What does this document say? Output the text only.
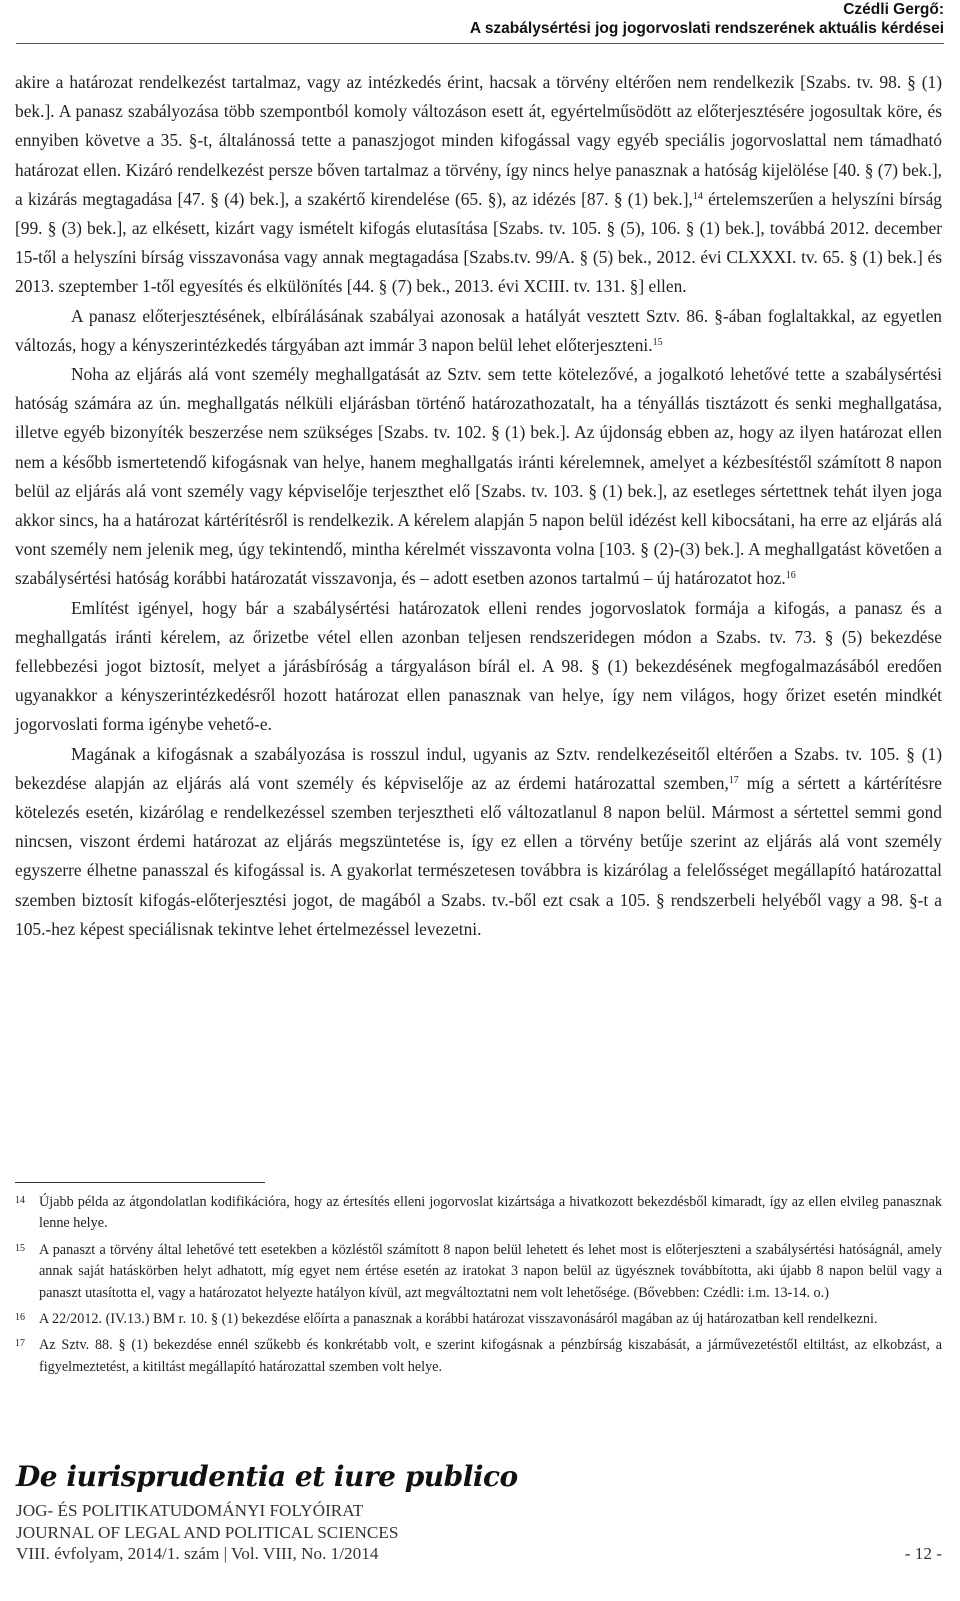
Czédli Gergő:
A szabálysértési jog jogorvoslati rendszerének aktuális kérdései

akire a határozat rendelkezést tartalmaz, vagy az intézkedés érint, hacsak a törvény eltérően nem rendelkezik [Szabs. tv. 98. § (1) bek.]. A panasz szabályozása több szempontból komoly változáson esett át, egyértelműsödött az előterjesztésére jogosultak köre, és ennyiben követve a 35. §-t, általánossá tette a panaszjogot minden kifogással vagy egyéb speciális jogorvoslattal nem támadható határozat ellen. Kizáró rendelkezést persze bőven tartalmaz a törvény, így nincs helye panasznak a hatóság kijelölése [40. § (7) bek.], a kizárás megtagadása [47. § (4) bek.], a szakértő kirendelése (65. §), az idézés [87. § (1) bek.],$^{14}$ értelemszerűen a helyszíni bírság [99. § (3) bek.], az elkésett, kizárt vagy ismételt kifogás elutasítása [Szabs. tv. 105. § (5), 106. § (1) bek.], továbbá 2012. december 15-től a helyszíni bírság visszavonása vagy annak megtagadása [Szabs.tv. 99/A. § (5) bek., 2012. évi CLXXXI. tv. 65. § (1) bek.] és 2013. szeptember 1-től egyesítés és elkülönítés [44. § (7) bek., 2013. évi XCIII. tv. 131. §] ellen.

A panasz előterjesztésének, elbírálásának szabályai azonosak a hatályát vesztett Sztv. 86. §-ában foglaltakkal, az egyetlen változás, hogy a kényszerintézkedés tárgyában azt immár 3 napon belül lehet előterjeszteni.$^{15}$

Noha az eljárás alá vont személy meghallgatását az Sztv. sem tette kötelezővé, a jogalkotó lehetővé tette a szabálysértési hatóság számára az ún. meghallgatás nélküli eljárásban történő határozathozatalt, ha a tényállás tisztázott és senki meghallgatása, illetve egyéb bizonyíték beszerzése nem szükséges [Szabs. tv. 102. § (1) bek.]. Az újdonság ebben az, hogy az ilyen határozat ellen nem a később ismertetendő kifogásnak van helye, hanem meghallgatás iránti kérelemnek, amelyet a kézbesítéstől számított 8 napon belül az eljárás alá vont személy vagy képviselője terjeszthet elő [Szabs. tv. 103. § (1) bek.], az esetleges sértettnek tehát ilyen joga akkor sincs, ha a határozat kártérítésről is rendelkezik. A kérelem alapján 5 napon belül idézést kell kibocsátani, ha erre az eljárás alá vont személy nem jelenik meg, úgy tekintendő, mintha kérelmét visszavonta volna [103. § (2)-(3) bek.]. A meghallgatást követően a szabálysértési hatóság korábbi határozatát visszavonja, és – adott esetben azonos tartalmú – új határozatot hoz.$^{16}$

Említést igényel, hogy bár a szabálysértési határozatok elleni rendes jogorvoslatok formája a kifogás, a panasz és a meghallgatás iránti kérelem, az őrizetbe vétel ellen azonban teljesen rendszeridegen módon a Szabs. tv. 73. § (5) bekezdése fellebbezési jogot biztosít, melyet a járásbíróság a tárgyaláson bírál el. A 98. § (1) bekezdésének megfogalmazásából eredően ugyanakkor a kényszerintézkedésről hozott határozat ellen panasznak van helye, így nem világos, hogy őrizet esetén mindkét jogorvoslati forma igénybe vehető-e.

Magának a kifogásnak a szabályozása is rosszul indul, ugyanis az Sztv. rendelkezéseitől eltérően a Szabs. tv. 105. § (1) bekezdése alapján az eljárás alá vont személy és képviselője az az érdemi határozattal szemben,$^{17}$ míg a sértett a kártérítésre kötelezés esetén, kizárólag e rendelkezéssel szemben terjesztheti elő változatlanul 8 napon belül. Mármost a sértettel semmi gond nincsen, viszont érdemi határozat az eljárás megszüntetése is, így ez ellen a törvény betűje szerint az eljárás alá vont személy egyszerre élhetne panasszal és kifogással is. A gyakorlat természetesen továbbra is kizárólag a felelősséget megállapító határozattal szemben biztosít kifogás-előterjesztési jogot, de magából a Szabs. tv.-ből ezt csak a 105. § rendszerbeli helyéből vagy a 98. §-t a 105.-hez képest speciálisnak tekintve lehet értelmezéssel levezetni.

14 Újabb példa az átgondolatlan kodifikációra, hogy az értesítés elleni jogorvoslat kizártsága a hivatkozott bekezdésből kimaradt, így az ellen elvileg panasznak lenne helye.
15 A panaszt a törvény által lehetővé tett esetekben a közléstől számított 8 napon belül lehetett és lehet most is előterjeszteni a szabálysértési hatóságnál, amely annak saját hatáskörben helyt adhatott, míg egyet nem értése esetén az iratokat 3 napon belül az ügyésznek továbbította, aki újabb 8 napon belül vagy a panaszt utasította el, vagy a határozatot helyezte hatályon kívül, azt megváltoztatni nem volt lehetősége. (Bővebben: Czédli: i.m. 13-14. o.)
16 A 22/2012. (IV.13.) BM r. 10. § (1) bekezdése előírta a panasznak a korábbi határozat visszavonásáról magában az új határozatban kell rendelkezni.
17 Az Sztv. 88. § (1) bekezdése ennél szűkebb és konkrétabb volt, e szerint kifogásnak a pénzbírság kiszabását, a járművezetéstől eltiltást, az elkobzást, a figyelmeztetést, a kitiltást megállapító határozattal szemben volt helye.
De iurisprudentia et iure publico
JOG- ÉS POLITIKATUDOMÁNYI FOLYÓIRAT
JOURNAL OF LEGAL AND POLITICAL SCIENCES
VIII. évfolyam, 2014/1. szám | Vol. VIII, No. 1/2014	- 12 -
